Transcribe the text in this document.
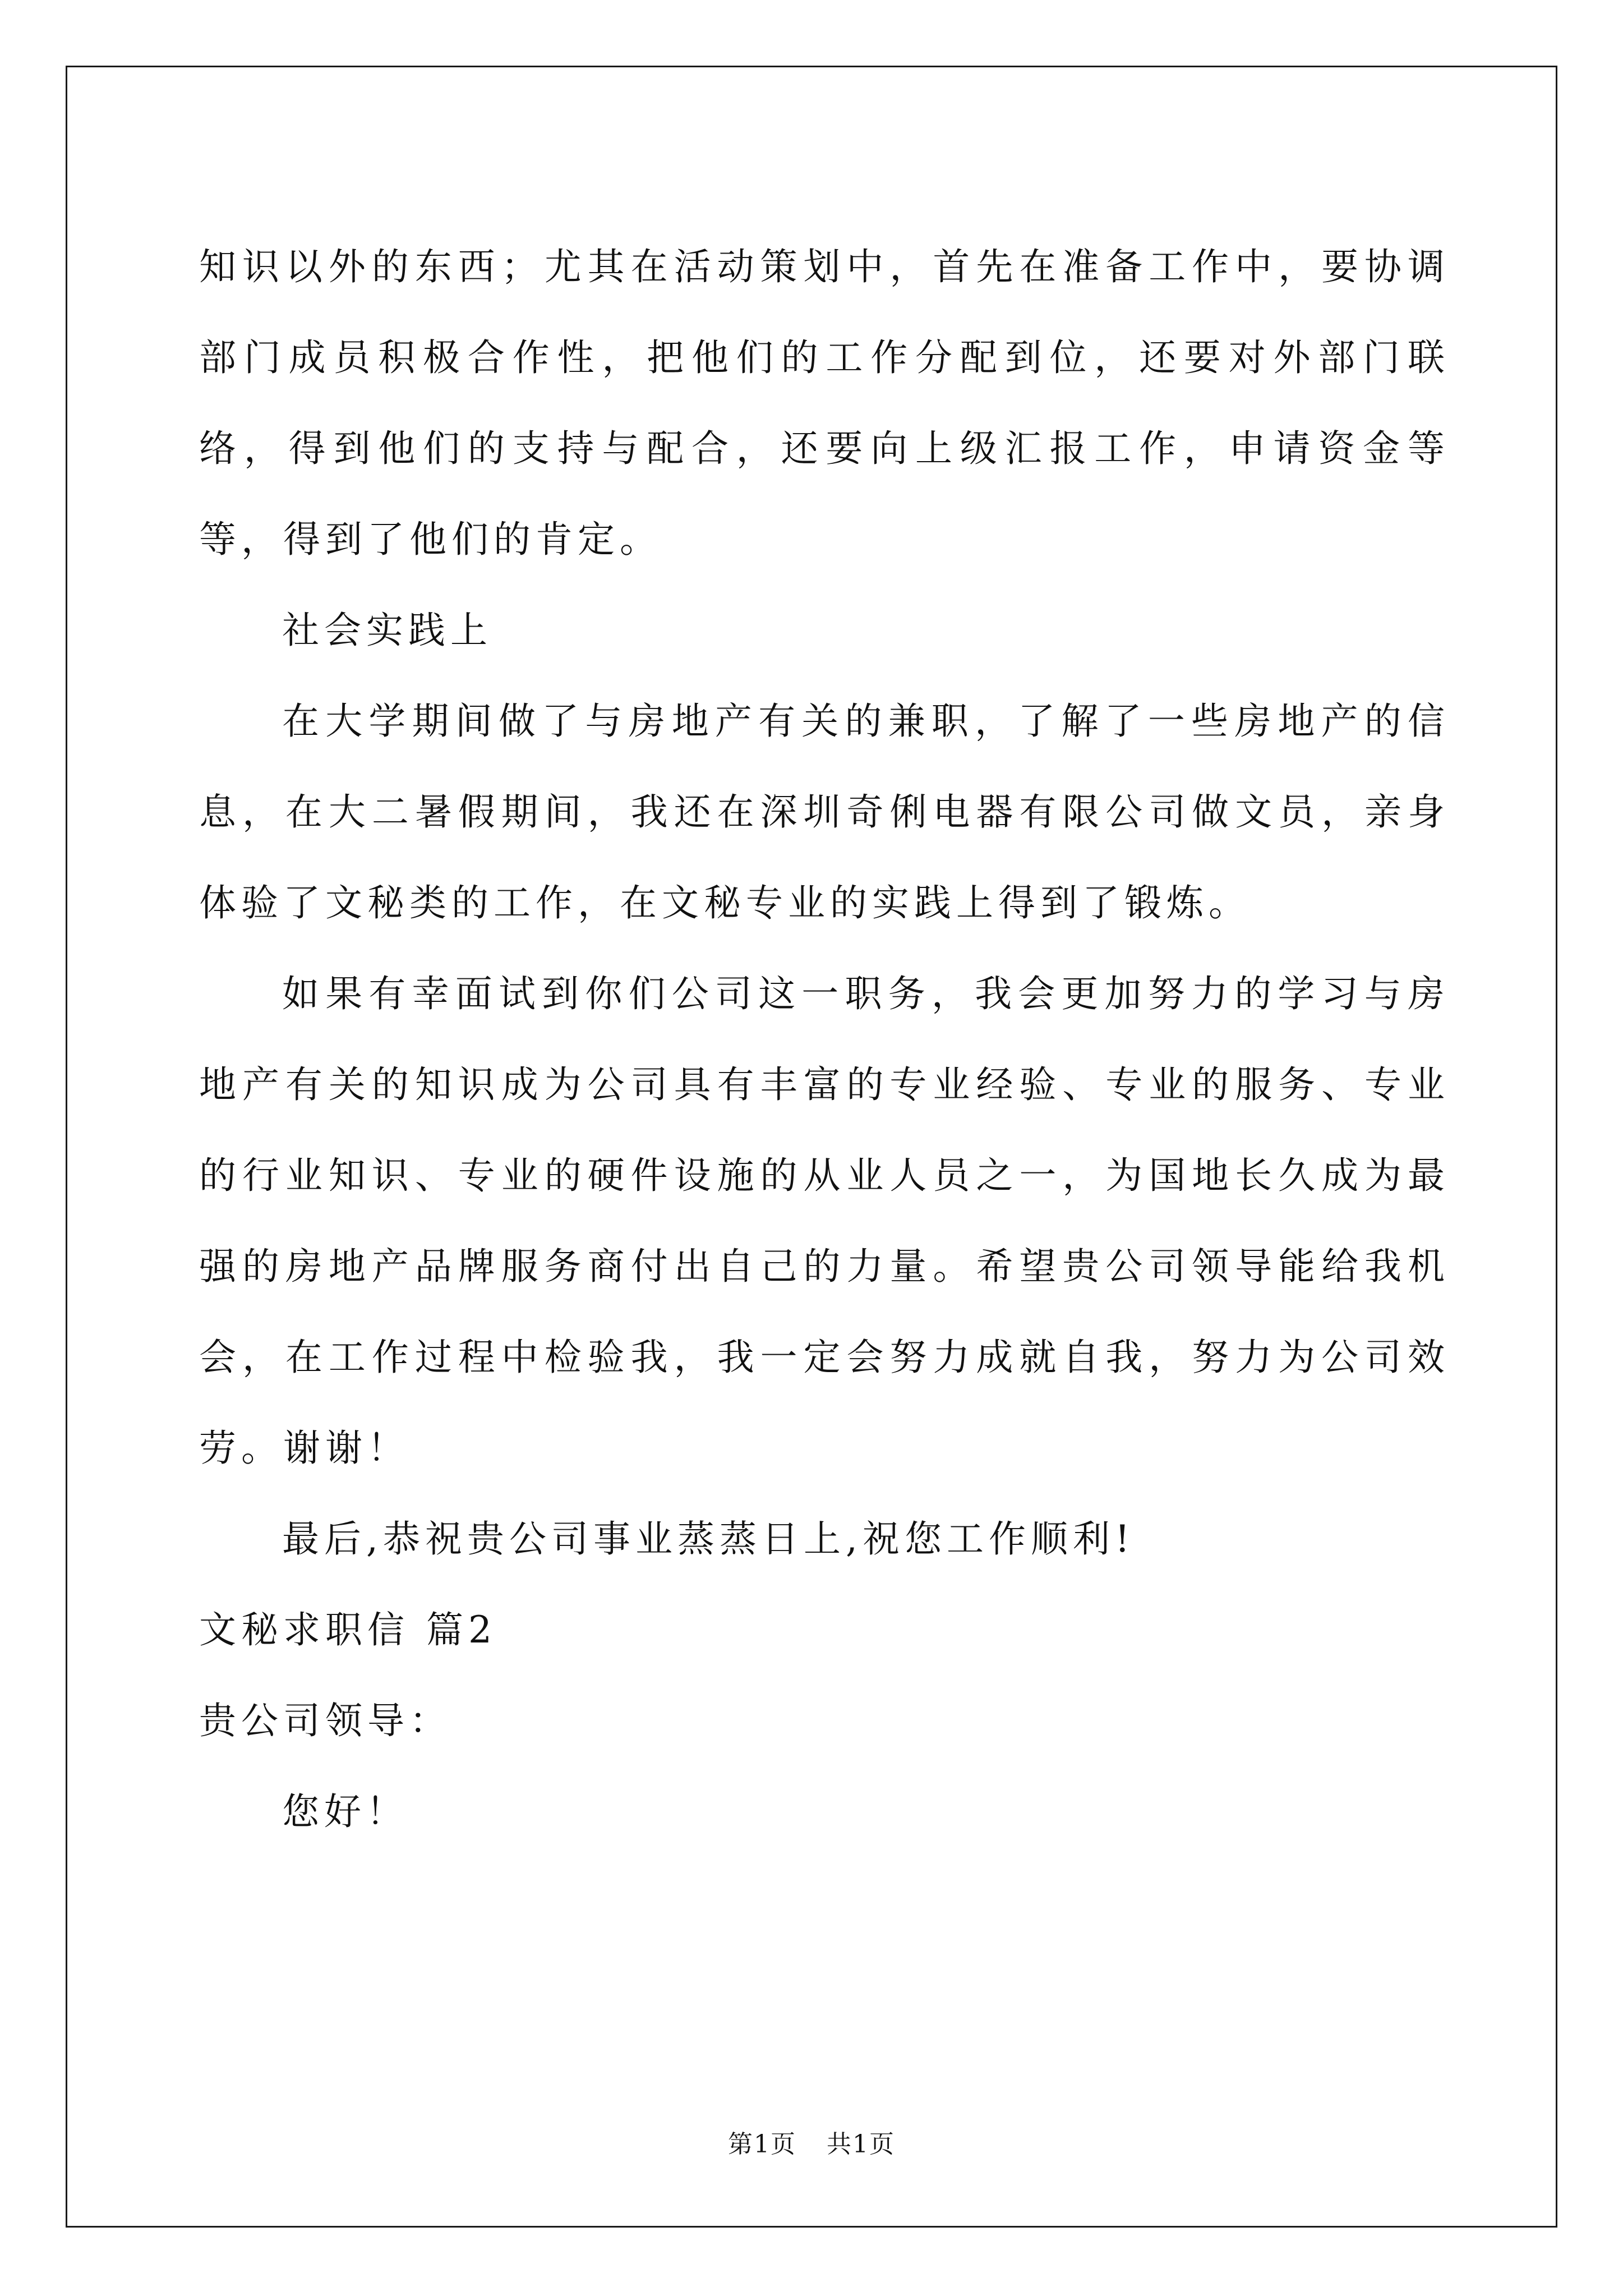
知识以外的东西；尤其在活动策划中，首先在准备工作中，要协调部门成员积极合作性，把他们的工作分配到位，还要对外部门联络，得到他们的支持与配合，还要向上级汇报工作，申请资金等等，得到了他们的肯定。

社会实践上

在大学期间做了与房地产有关的兼职，了解了一些房地产的信息，在大二暑假期间，我还在深圳奇俐电器有限公司做文员，亲身体验了文秘类的工作，在文秘专业的实践上得到了锻炼。

如果有幸面试到你们公司这一职务，我会更加努力的学习与房地产有关的知识成为公司具有丰富的专业经验、专业的服务、专业的行业知识、专业的硬件设施的从业人员之一，为国地长久成为最强的房地产品牌服务商付出自己的力量。希望贵公司领导能给我机会，在工作过程中检验我，我一定会努力成就自我，努力为公司效劳。谢谢！

最后,恭祝贵公司事业蒸蒸日上,祝您工作顺利!

文秘求职信 篇2

贵公司领导：

您好！

第1页 共1页
